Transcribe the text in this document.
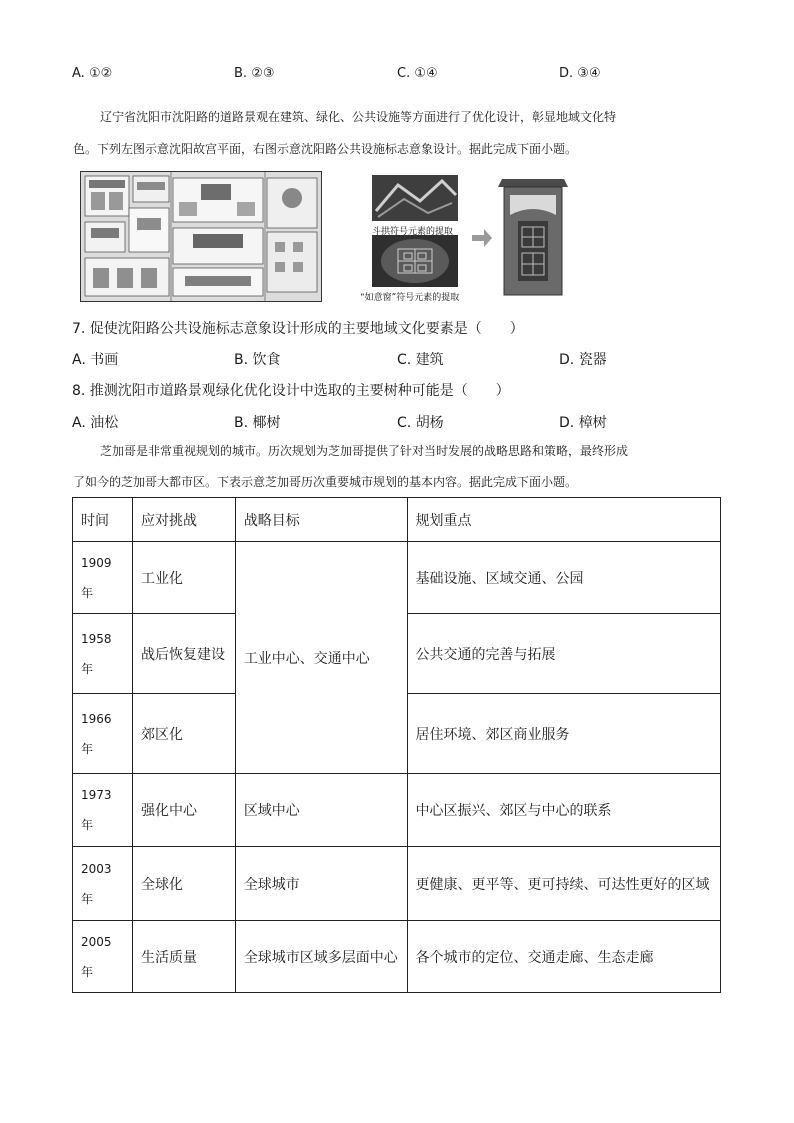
A. ①②	B. ②③	C. ①④	D. ③④
辽宁省沈阳市沈阳路的道路景观在建筑、绿化、公共设施等方面进行了优化设计，彰显地域文化特
色。下列左图示意沈阳故宫平面，右图示意沈阳路公共设施标志意象设计。据此完成下面小题。
斗拱符号元素的提取
“如意窗”符号元素的提取
7. 促使沈阳路公共设施标志意象设计形成的主要地域文化要素是（　　）
A. 书画	B. 饮食	C. 建筑	D. 瓷器
8. 推测沈阳市道路景观绿化优化设计中选取的主要树种可能是（　　）
A. 油松	B. 椰树	C. 胡杨	D. 樟树
芝加哥是非常重视规划的城市。历次规划为芝加哥提供了针对当时发展的战略思路和策略，最终形成
了如今的芝加哥大都市区。下表示意芝加哥历次重要城市规划的基本内容。据此完成下面小题。
时间	应对挑战	战略目标	规划重点
1909
年	工业化	工业中心、交通中心	基础设施、区域交通、公园
1958
年	战后恢复建设		公共交通的完善与拓展
1966
年	郊区化		居住环境、郊区商业服务
1973
年	强化中心	区域中心	中心区振兴、郊区与中心的联系
2003
年	全球化	全球城市	更健康、更平等、更可持续、可达性更好的区域
2005
年	生活质量	全球城市区域多层面中心	各个城市的定位、交通走廊、生态走廊
